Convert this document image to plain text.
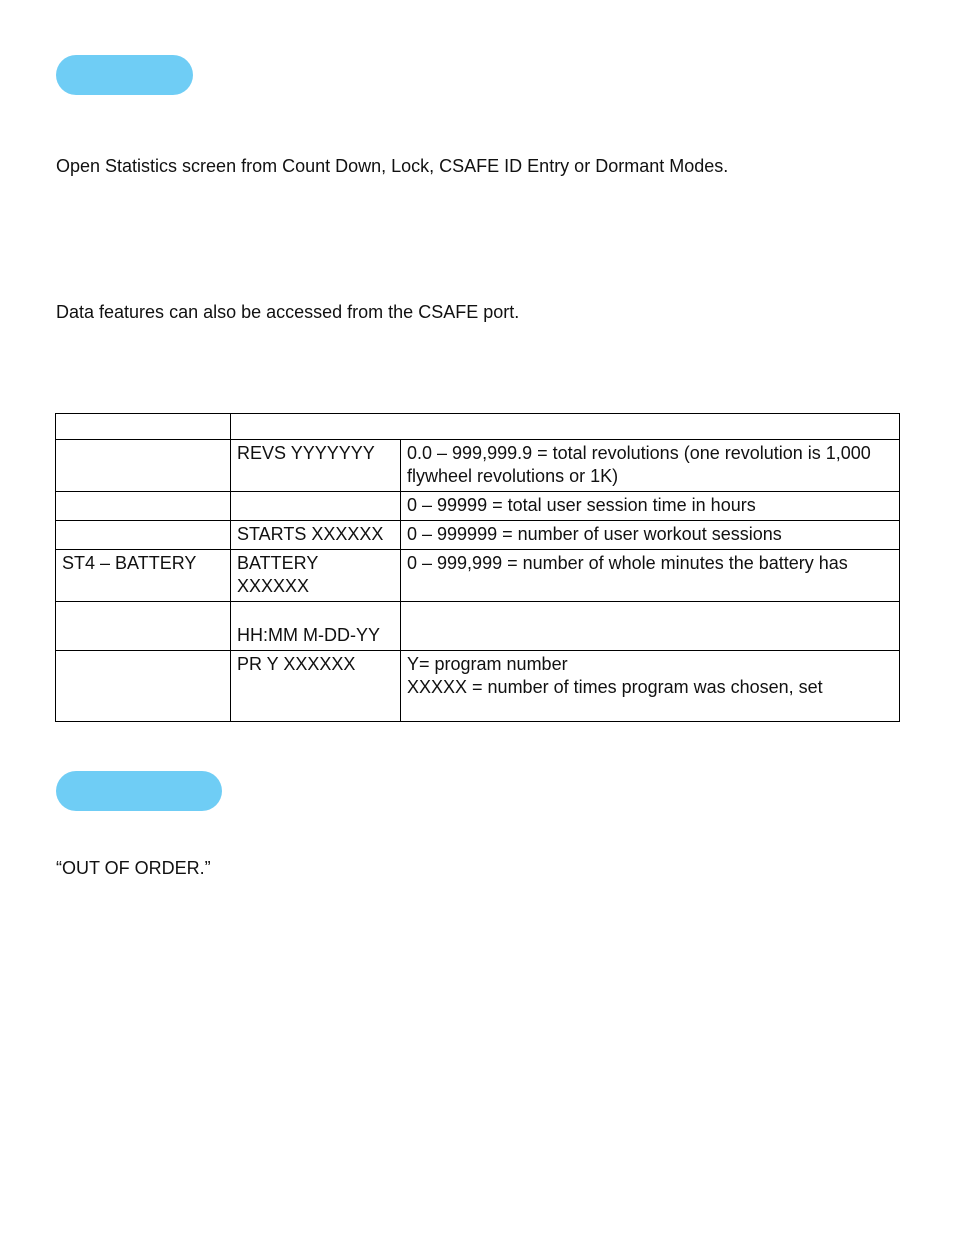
Open Statistics screen from Count Down, Lock, CSAFE ID Entry or Dormant Modes.
Data features can also be accessed from the CSAFE port.

	REVS YYYYYYY	0.0 – 999,999.9 = total revolutions (one revolution is 1,000 flywheel revolutions or 1K)
		0 – 99999 = total user session time in hours
	STARTS XXXXXX	0 – 999999 = number of user workout sessions
ST4 – BATTERY	BATTERY XXXXXX	0 – 999,999 = number of whole minutes the battery has
	HH:MM M-DD-YY	
	PR Y XXXXXX	Y= program number
XXXXX = number of times program was chosen, set
“OUT OF ORDER.”
